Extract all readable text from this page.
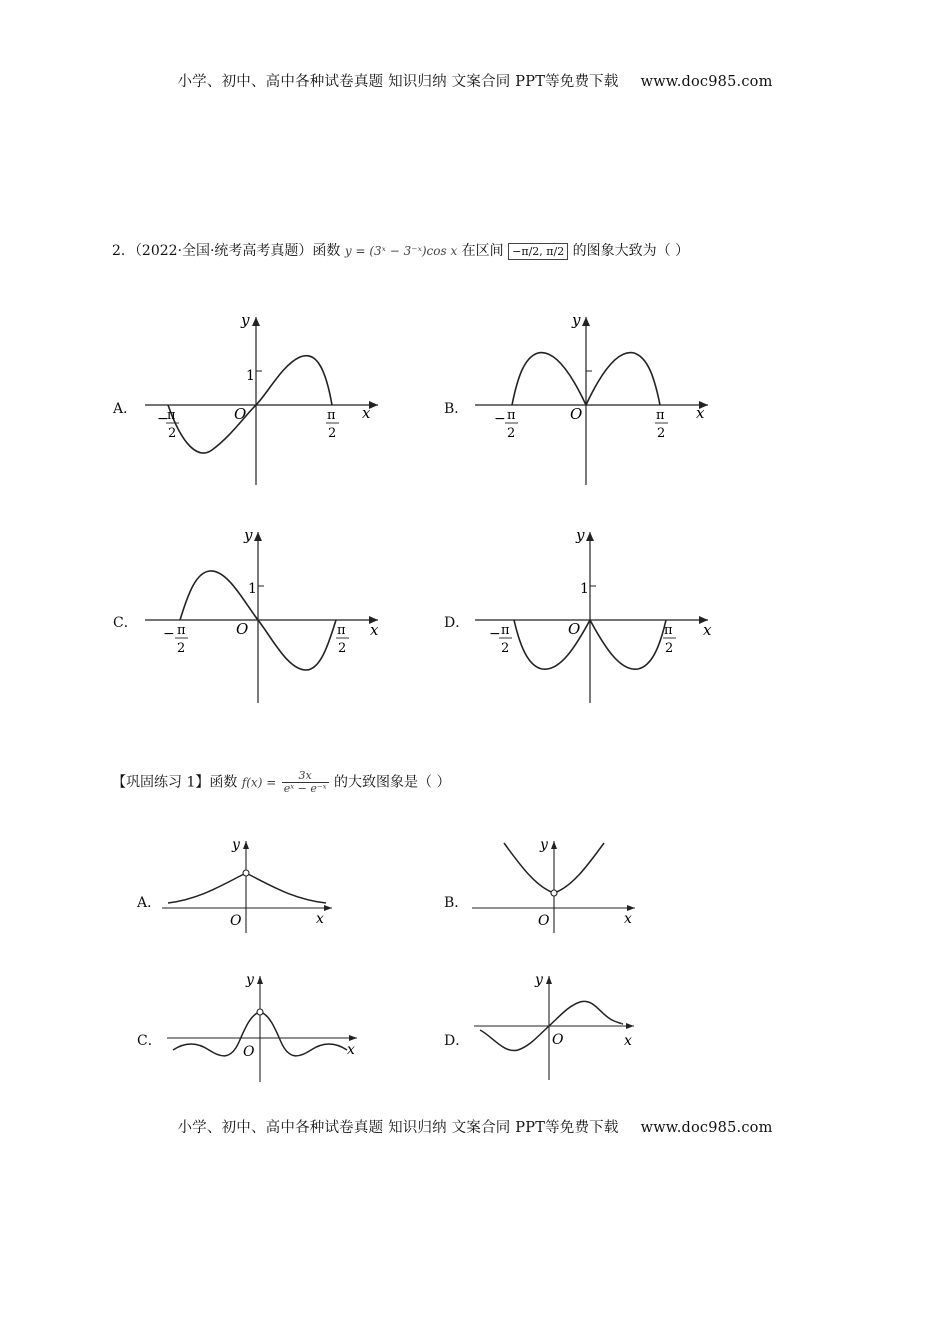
小学、初中、高中各种试卷真题 知识归纳 文案合同 PPT等免费下载 www.doc985.com
2．（2022·全国·统考高考真题）函数 y = (3ˣ − 3⁻ˣ)cos x 在区间 −π/2, π/2 的图象大致为（ ）
A．	B．
C．	D．
x
y
O
1
−
π
2
π
2
x
y
O
− π
2
π
2
x
y
O
1
− π
2
π
2
x
y
O
1
− π
2
π
2
【巩固练习 1】函数 $f(x) = \frac{3x}{\text{eˣ − e⁻ˣ}}$ 的大致图象是（ ）
A．	B．
C．	D．
x
y
O	x
y
O
x
y
O
x
y
O
小学、初中、高中各种试卷真题 知识归纳 文案合同 PPT等免费下载 www.doc985.com
